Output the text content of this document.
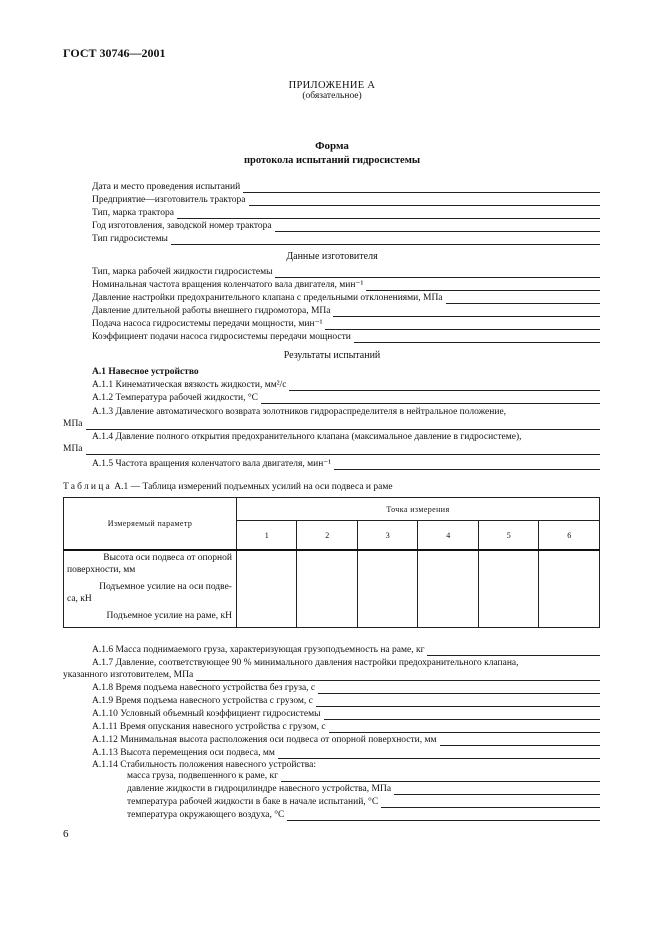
ГОСТ 30746—2001
ПРИЛОЖЕНИЕ А
(обязательное)
Форма
протокола испытаний гидросистемы
Дата и место проведения испытаний
Предприятие—изготовитель трактора
Тип, марка трактора
Год изготовления, заводской номер трактора
Тип гидросистемы
Данные изготовителя
Тип, марка рабочей жидкости гидросистемы
Номинальная частота вращения коленчатого вала двигателя, мин⁻¹
Давление настройки предохранительного клапана с предельными отклонениями, МПа
Давление длительной работы внешнего гидромотора, МПа
Подача насоса гидросистемы передачи мощности, мин⁻¹
Коэффициент подачи насоса гидросистемы передачи мощности
Результаты испытаний
А.1 Навесное устройство
А.1.1 Кинематическая вязкость жидкости, мм²/с
А.1.2 Температура рабочей жидкости, °С
А.1.3 Давление автоматического возврата золотников гидрораспределителя в нейтральное положение,
МПа
А.1.4 Давление полного открытия предохранительного клапана (максимальное давление в гидросистеме),
МПа
А.1.5 Частота вращения коленчатого вала двигателя, мин⁻¹
Таблица А.1 — Таблица измерений подъемных усилий на оси подвеса и раме
Измеряемый параметр	Точка измерения					
	1	2	3	4	5	6

Высота оси подвеса от опорной

поверхности, мм
Подъемное усилие на оси подве-

са, кН
Подъемное усилие на раме, кН						

А.1.6 Масса поднимаемого груза, характеризующая грузоподъемность на раме, кг
А.1.7 Давление, соответствующее 90 % минимального давления настройки предохранительного клапана,
указанного изготовителем, МПа
А.1.8 Время подъема навесного устройства без груза, с
А.1.9 Время подъема навесного устройства с грузом, с
А.1.10 Условный объемный коэффициент гидросистемы
А.1.11 Время опускания навесного устройства с грузом, с
А.1.12 Минимальная высота расположения оси подвеса от опорной поверхности, мм
А.1.13 Высота перемещения оси подвеса, мм
А.1.14 Стабильность положения навесного устройства:
масса груза, подвешенного к раме, кг
давление жидкости в гидроцилиндре навесного устройства, МПа
температура рабочей жидкости в баке в начале испытаний, °С
температура окружающего воздуха, °С
6
